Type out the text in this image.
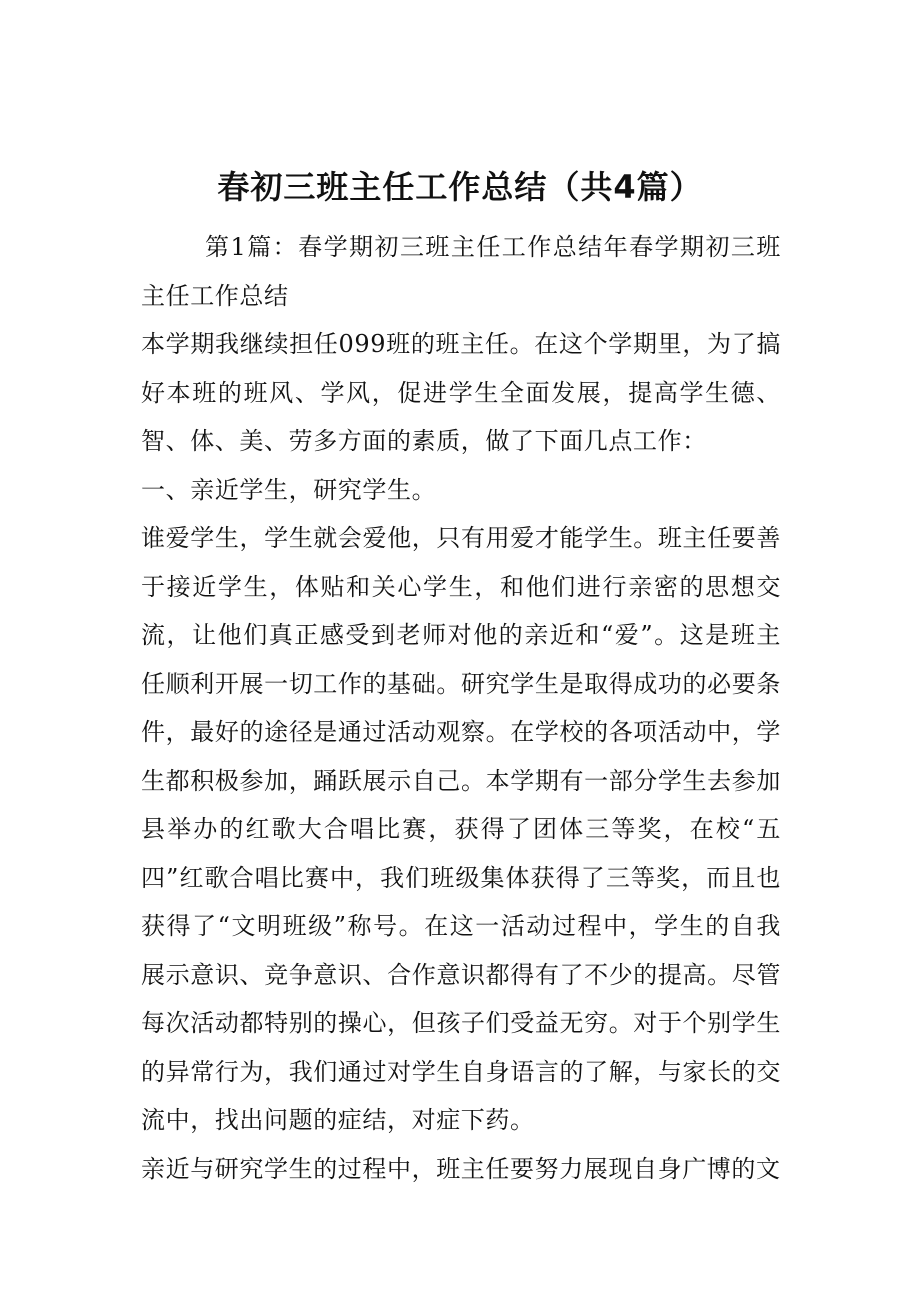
春初三班主任工作总结（共4篇）

第1篇：春学期初三班主任工作总结年春学期初三班主任工作总结

本学期我继续担任099班的班主任。在这个学期里，为了搞好本班的班风、学风，促进学生全面发展，提高学生德、智、体、美、劳多方面的素质，做了下面几点工作：

一、亲近学生，研究学生。

谁爱学生，学生就会爱他，只有用爱才能学生。班主任要善于接近学生，体贴和关心学生，和他们进行亲密的思想交流，让他们真正感受到老师对他的亲近和“爱”。这是班主任顺利开展一切工作的基础。研究学生是取得成功的必要条件，最好的途径是通过活动观察。在学校的各项活动中，学生都积极参加，踊跃展示自己。本学期有一部分学生去参加县举办的红歌大合唱比赛，获得了团体三等奖，在校“五四”红歌合唱比赛中，我们班级集体获得了三等奖，而且也获得了“文明班级”称号。在这一活动过程中，学生的自我展示意识、竞争意识、合作意识都得有了不少的提高。尽管每次活动都特别的操心，但孩子们受益无穷。对于个别学生的异常行为，我们通过对学生自身语言的了解，与家长的交流中，找出问题的症结，对症下药。

亲近与研究学生的过程中，班主任要努力展现自身广博的文
